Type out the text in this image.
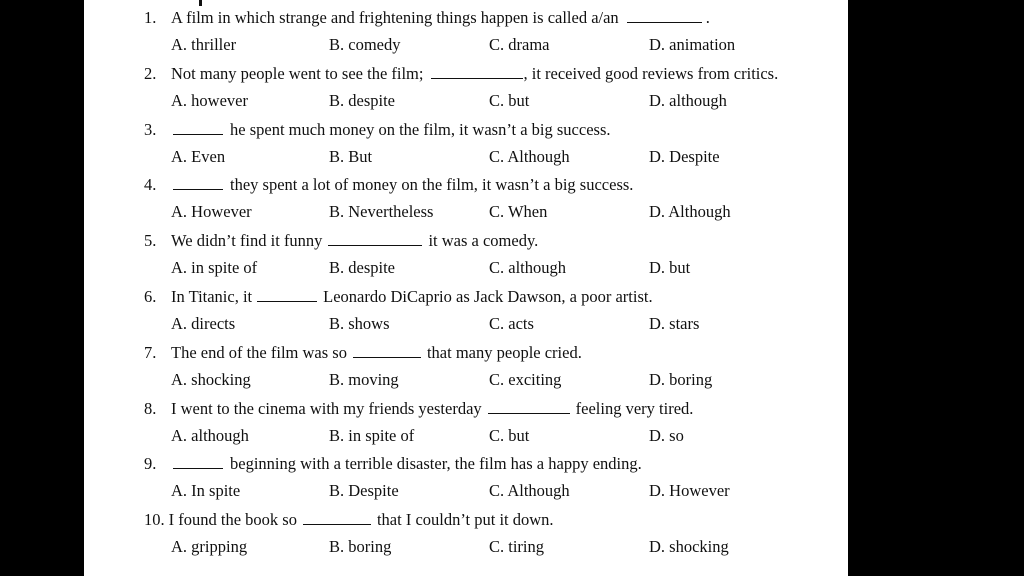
1. A film in which strange and frightening things happen is called a/an	.
A. thriller	B. comedy	C. drama	D. animation
2. Not many people went to see the film;	, it received good reviews from critics.
A. however	B. despite	C. but	D. although
3.	he spent much money on the film, it wasn’t a big success.
A. Even	B. But	C. Although	D. Despite
4.	they spent a lot of money on the film, it wasn’t a big success.
A. However	B. Nevertheless	C. When	D. Although
5. We didn’t find it funny	it was a comedy.
A. in spite of	B. despite	C. although	D. but
6. In Titanic, it	Leonardo DiCaprio as Jack Dawson, a poor artist.
A. directs	B. shows	C. acts	D. stars
7. The end of the film was so	that many people cried.
A. shocking	B. moving	C. exciting	D. boring
8. I went to the cinema with my friends yesterday	feeling very tired.
A. although	B. in spite of	C. but	D. so
9.	beginning with a terrible disaster, the film has a happy ending.
A. In spite	B. Despite	C. Although	D. However
10. I found the book so	that I couldn’t put it down.
A. gripping	B. boring	C. tiring	D. shocking
